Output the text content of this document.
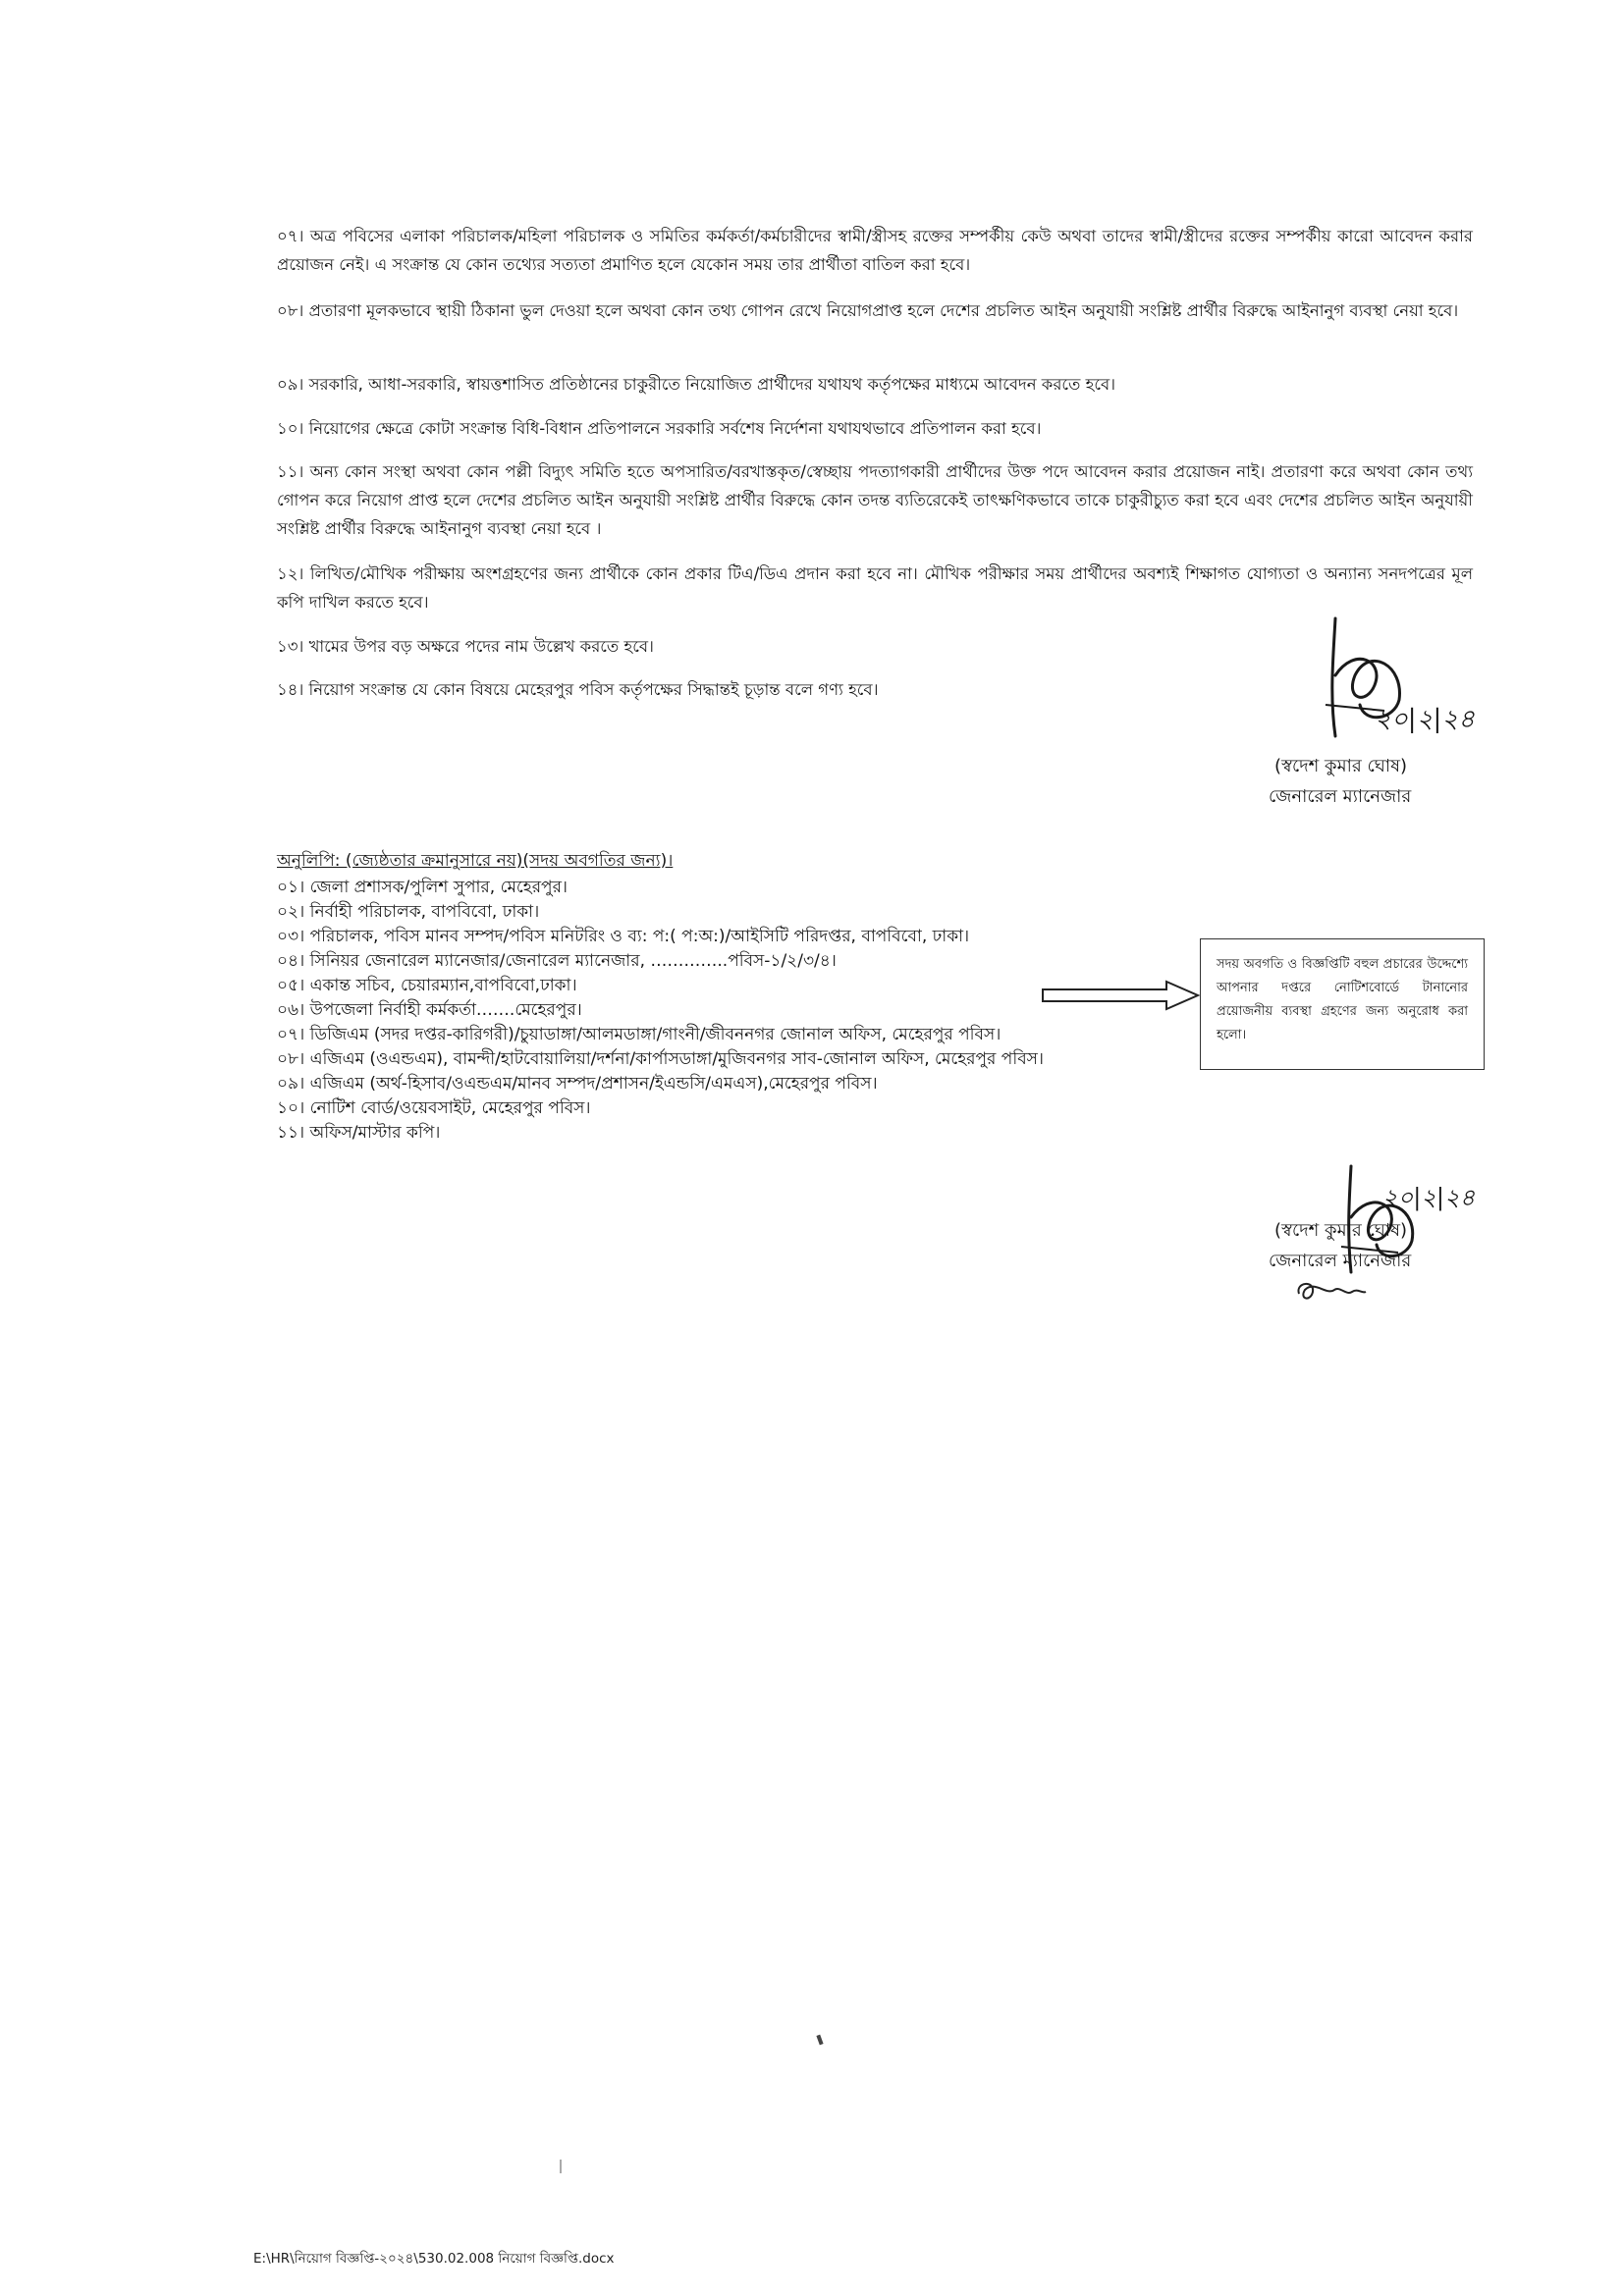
০৭। অত্র পবিসের এলাকা পরিচালক/মহিলা পরিচালক ও সমিতির কর্মকর্তা/কর্মচারীদের স্বামী/স্ত্রীসহ রক্তের সম্পর্কীয় কেউ অথবা তাদের স্বামী/স্ত্রীদের রক্তের সম্পর্কীয় কারো আবেদন করার প্রয়োজন নেই। এ সংক্রান্ত যে কোন তথ্যের সত্যতা প্রমাণিত হলে যেকোন সময় তার প্রার্থীতা বাতিল করা হবে।

০৮। প্রতারণা মূলকভাবে স্থায়ী ঠিকানা ভুল দেওয়া হলে অথবা কোন তথ্য গোপন রেখে নিয়োগপ্রাপ্ত হলে দেশের প্রচলিত আইন অনুযায়ী সংশ্লিষ্ট প্রার্থীর বিরুদ্ধে আইনানুগ ব্যবস্থা নেয়া হবে।

০৯। সরকারি, আধা-সরকারি, স্বায়ত্তশাসিত প্রতিষ্ঠানের চাকুরীতে নিয়োজিত প্রার্থীদের যথাযথ কর্তৃপক্ষের মাধ্যমে আবেদন করতে হবে।

১০। নিয়োগের ক্ষেত্রে কোটা সংক্রান্ত বিধি-বিধান প্রতিপালনে সরকারি সর্বশেষ নির্দেশনা যথাযথভাবে প্রতিপালন করা হবে।

১১। অন্য কোন সংস্থা অথবা কোন পল্লী বিদ্যুৎ সমিতি হতে অপসারিত/বরখাস্তকৃত/স্বেচ্ছায় পদত্যাগকারী প্রার্থীদের উক্ত পদে আবেদন করার প্রয়োজন নাই। প্রতারণা করে অথবা কোন তথ্য গোপন করে নিয়োগ প্রাপ্ত হলে দেশের প্রচলিত আইন অনুযায়ী সংশ্লিষ্ট প্রার্থীর বিরুদ্ধে কোন তদন্ত ব্যতিরেকেই তাৎক্ষণিকভাবে তাকে চাকুরীচ্যুত করা হবে এবং দেশের প্রচলিত আইন অনুযায়ী সংশ্লিষ্ট প্রার্থীর বিরুদ্ধে আইনানুগ ব্যবস্থা নেয়া হবে ।

১২। লিখিত/মৌখিক পরীক্ষায় অংশগ্রহণের জন্য প্রার্থীকে কোন প্রকার টিএ/ডিএ প্রদান করা হবে না। মৌখিক পরীক্ষার সময় প্রার্থীদের অবশ্যই শিক্ষাগত যোগ্যতা ও অন্যান্য সনদপত্রের মূল কপি দাখিল করতে হবে।

১৩। খামের উপর বড় অক্ষরে পদের নাম উল্লেখ করতে হবে।

১৪। নিয়োগ সংক্রান্ত যে কোন বিষয়ে মেহেরপুর পবিস কর্তৃপক্ষের সিদ্ধান্তই চূড়ান্ত বলে গণ্য হবে।

২০|২|২৪
(স্বদেশ কুমার ঘোষ)
জেনারেল ম্যানেজার

অনুলিপি: (জ্যেষ্ঠতার ক্রমানুসারে নয়)(সদয় অবগতির জন্য)।

০১। জেলা প্রশাসক/পুলিশ সুপার, মেহেরপুর।
০২। নির্বাহী পরিচালক, বাপবিবো, ঢাকা।
০৩। পরিচালক, পবিস মানব সম্পদ/পবিস মনিটরিং ও ব্য: প:( প:অ:)/আইসিটি পরিদপ্তর, বাপবিবো, ঢাকা।
০৪। সিনিয়র জেনারেল ম্যানেজার/জেনারেল ম্যানেজার, …………..পবিস-১/২/৩/৪।
০৫। একান্ত সচিব, চেয়ারম্যান,বাপবিবো,ঢাকা।
০৬। উপজেলা নির্বাহী কর্মকর্তা…….মেহেরপুর।
০৭। ডিজিএম (সদর দপ্তর-কারিগরী)/চুয়াডাঙ্গা/আলমডাঙ্গা/গাংনী/জীবননগর জোনাল অফিস, মেহেরপুর পবিস।
০৮। এজিএম (ওএন্ডএম), বামন্দী/হাটবোয়ালিয়া/দর্শনা/কার্পাসডাঙ্গা/মুজিবনগর সাব-জোনাল অফিস, মেহেরপুর পবিস।
০৯। এজিএম (অর্থ-হিসাব/ওএন্ডএম/মানব সম্পদ/প্রশাসন/ইএন্ডসি/এমএস),মেহেরপুর পবিস।
১০। নোটিশ বোর্ড/ওয়েবসাইট, মেহেরপুর পবিস।
১১। অফিস/মাস্টার কপি।
সদয় অবগতি ও বিজ্ঞপ্তিটি বহুল প্রচারের উদ্দেশ্যে আপনার দপ্তরে নোটিশবোর্ডে টানানোর প্রয়োজনীয় ব্যবস্থা গ্রহণের জন্য অনুরোধ করা হলো।
২০|২|২৪
(স্বদেশ কুমার ঘোষ)
জেনারেল ম্যানেজার
E:\HR\নিয়োগ বিজ্ঞপ্তি-২০২৪\530.02.008 নিয়োগ বিজ্ঞপ্তি.docx
